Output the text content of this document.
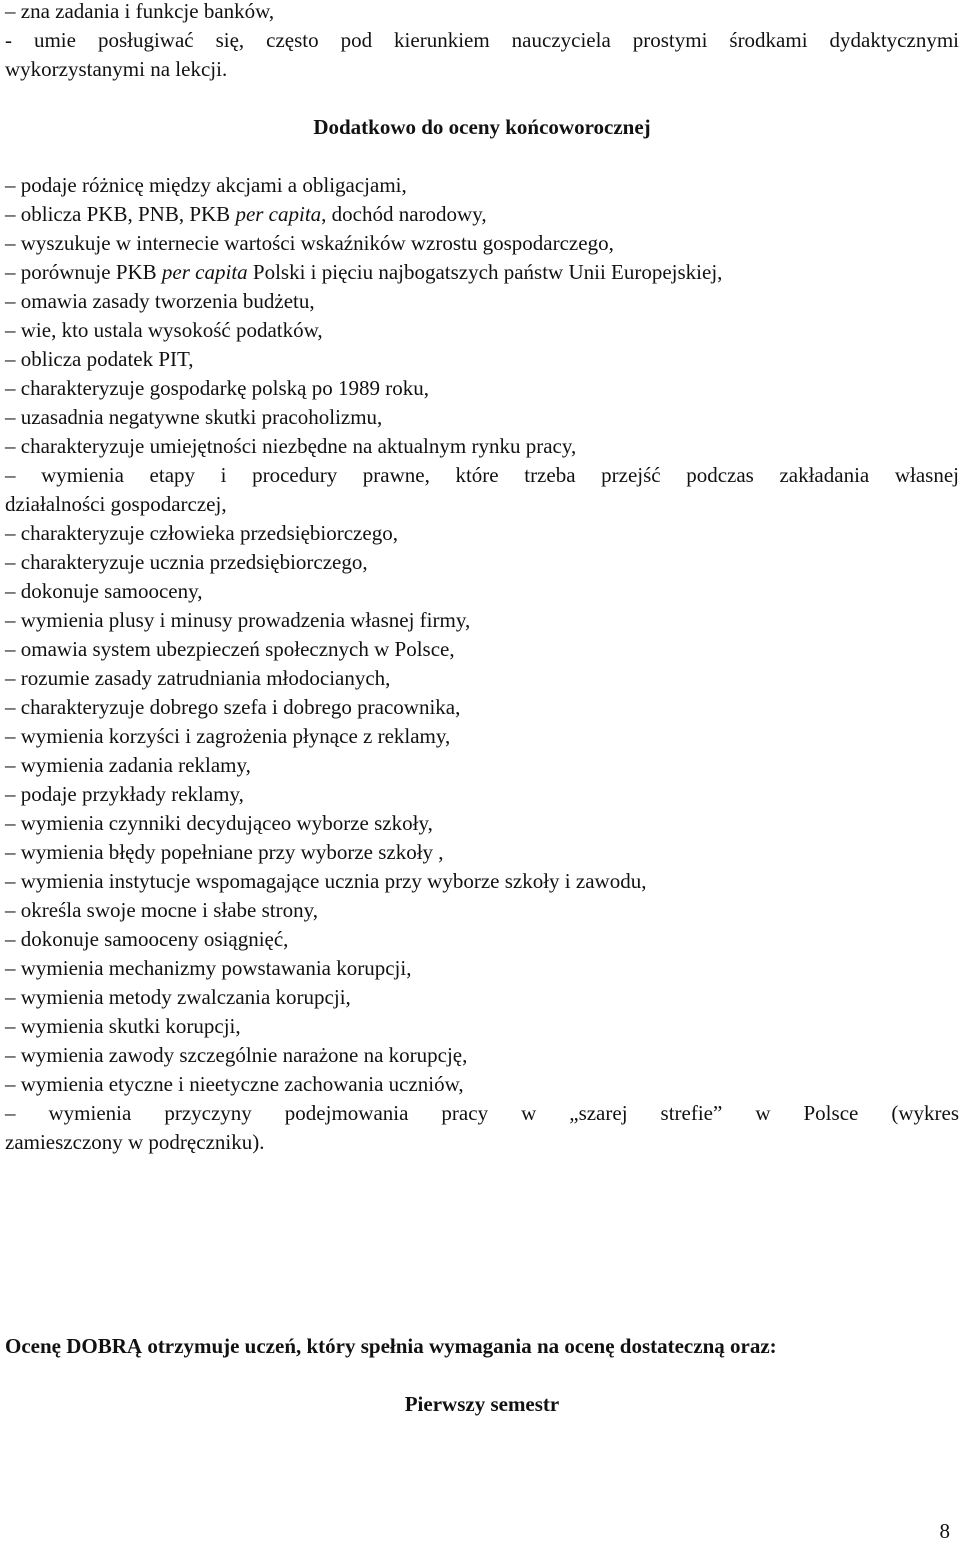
– zna zadania i funkcje banków,
- umie posługiwać się, często pod kierunkiem nauczyciela prostymi środkami dydaktycznymi
wykorzystanymi na lekcji.
Dodatkowo do oceny końcoworocznej
– podaje różnicę między akcjami a obligacjami,
– oblicza PKB, PNB, PKB per capita, dochód narodowy,
– wyszukuje w internecie wartości wskaźników wzrostu gospodarczego,
– porównuje PKB per capita Polski i pięciu najbogatszych państw Unii Europejskiej,
– omawia zasady tworzenia budżetu,
– wie, kto ustala wysokość podatków,
– oblicza podatek PIT,
– charakteryzuje gospodarkę polską po 1989 roku,
– uzasadnia negatywne skutki pracoholizmu,
– charakteryzuje umiejętności niezbędne na aktualnym rynku pracy,
– wymienia etapy i procedury prawne, które trzeba przejść podczas zakładania własnej
działalności gospodarczej,
– charakteryzuje człowieka przedsiębiorczego,
– charakteryzuje ucznia przedsiębiorczego,
– dokonuje samooceny,
– wymienia plusy i minusy prowadzenia własnej firmy,
– omawia system ubezpieczeń społecznych w Polsce,
– rozumie zasady zatrudniania młodocianych,
– charakteryzuje dobrego szefa i dobrego pracownika,
– wymienia korzyści i zagrożenia płynące z reklamy,
– wymienia zadania reklamy,
– podaje przykłady reklamy,
– wymienia czynniki decydująceo wyborze szkoły,
– wymienia błędy popełniane przy wyborze szkoły ,
– wymienia instytucje wspomagające ucznia przy wyborze szkoły i zawodu,
– określa swoje mocne i słabe strony,
– dokonuje samooceny osiągnięć,
– wymienia mechanizmy powstawania korupcji,
– wymienia metody zwalczania korupcji,
– wymienia skutki korupcji,
– wymienia zawody szczególnie narażone na korupcję,
– wymienia etyczne i nieetyczne zachowania uczniów,
– wymienia przyczyny podejmowania pracy w „szarej strefie” w Polsce (wykres
zamieszczony w podręczniku).
Ocenę DOBRĄ otrzymuje uczeń, który spełnia wymagania na ocenę dostateczną oraz:
Pierwszy semestr
8
